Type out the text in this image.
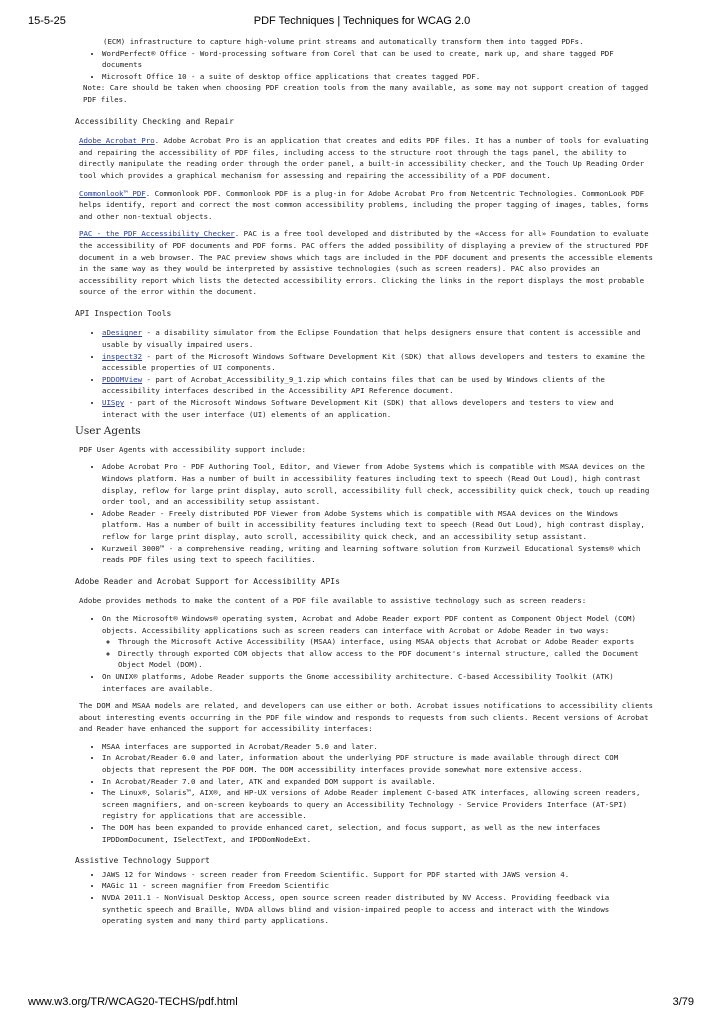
15-5-25	PDF Techniques | Techniques for WCAG 2.0

(ECM) infrastructure to capture high-volume print streams and automatically transform them into tagged PDFs.

• WordPerfect® Office - Word-processing software from Corel that can be used to create, mark up, and share tagged PDF documents
• Microsoft Office 10 - a suite of desktop office applications that creates tagged PDF.

Note: Care should be taken when choosing PDF creation tools from the many available, as some may not support creation of tagged PDF files.

Accessibility Checking and Repair

Adobe Acrobat Pro. Adobe Acrobat Pro is an application that creates and edits PDF files. It has a number of tools for evaluating and repairing the accessibility of PDF files, including access to the structure root through the tags panel, the ability to directly manipulate the reading order through the order panel, a built-in accessibility checker, and the Touch Up Reading Order tool which provides a graphical mechanism for assessing and repairing the accessibility of a PDF document.

Commonlook™ PDF. Commonlook PDF. Commonlook PDF is a plug-in for Adobe Acrobat Pro from Netcentric Technologies. CommonLook PDF helps identify, report and correct the most common accessibility problems, including the proper tagging of images, tables, forms and other non-textual objects.

PAC - the PDF Accessibility Checker. PAC is a free tool developed and distributed by the «Access for all» Foundation to evaluate the accessibility of PDF documents and PDF forms. PAC offers the added possibility of displaying a preview of the structured PDF document in a web browser. The PAC preview shows which tags are included in the PDF document and presents the accessible elements in the same way as they would be interpreted by assistive technologies (such as screen readers). PAC also provides an accessibility report which lists the detected accessibility errors. Clicking the links in the report displays the most probable source of the error within the document.

API Inspection Tools
• aDesigner - a disability simulator from the Eclipse Foundation that helps designers ensure that content is accessible and usable by visually impaired users.
• inspect32 - part of the Microsoft Windows Software Development Kit (SDK) that allows developers and testers to examine the accessible properties of UI components.
• PDDOMView - part of Acrobat_Accessibility_9_1.zip which contains files that can be used by Windows clients of the accessibility interfaces described in the Accessibility API Reference document.
• UISpy - part of the Microsoft Windows Software Development Kit (SDK) that allows developers and testers to view and interact with the user interface (UI) elements of an application.
User Agents

PDF User Agents with accessibility support include:

• Adobe Acrobat Pro - PDF Authoring Tool, Editor, and Viewer from Adobe Systems which is compatible with MSAA devices on the Windows platform. Has a number of built in accessibility features including text to speech (Read Out Loud), high contrast display, reflow for large print display, auto scroll, accessibility full check, accessibility quick check, touch up reading order tool, and an accessibility setup assistant.
• Adobe Reader - Freely distributed PDF Viewer from Adobe Systems which is compatible with MSAA devices on the Windows platform. Has a number of built in accessibility features including text to speech (Read Out Loud), high contrast display, reflow for large print display, auto scroll, accessibility quick check, and an accessibility setup assistant.
• Kurzweil 3000™ - a comprehensive reading, writing and learning software solution from Kurzweil Educational Systems® which reads PDF files using text to speech facilities.
Adobe Reader and Acrobat Support for Accessibility APIs

Adobe provides methods to make the content of a PDF file available to assistive technology such as screen readers:

• On the Microsoft® Windows® operating system, Acrobat and Adobe Reader export PDF content as Component Object Model (COM) objects. Accessibility applications such as screen readers can interface with Acrobat or Adobe Reader in two ways:
◦ Through the Microsoft Active Accessibility (MSAA) interface, using MSAA objects that Acrobat or Adobe Reader exports
◦ Directly through exported COM objects that allow access to the PDF document's internal structure, called the Document Object Model (DOM).
• On UNIX® platforms, Adobe Reader supports the Gnome accessibility architecture. C-based Accessibility Toolkit (ATK) interfaces are available.

The DOM and MSAA models are related, and developers can use either or both. Acrobat issues notifications to accessibility clients about interesting events occurring in the PDF file window and responds to requests from such clients. Recent versions of Acrobat and Reader have enhanced the support for accessibility interfaces:

• MSAA interfaces are supported in Acrobat/Reader 5.0 and later.
• In Acrobat/Reader 6.0 and later, information about the underlying PDF structure is made available through direct COM objects that represent the PDF DOM. The DOM accessibility interfaces provide somewhat more extensive access.
• In Acrobat/Reader 7.0 and later, ATK and expanded DOM support is available.
• The Linux®, Solaris™, AIX®, and HP-UX versions of Adobe Reader implement C-based ATK interfaces, allowing screen readers, screen magnifiers, and on-screen keyboards to query an Accessibility Technology - Service Providers Interface (AT-SPI) registry for applications that are accessible.
• The DOM has been expanded to provide enhanced caret, selection, and focus support, as well as the new interfaces IPDDomDocument, ISelectText, and IPDDomNodeExt.
Assistive Technology Support
• JAWS 12 for Windows - screen reader from Freedom Scientific. Support for PDF started with JAWS version 4.
• MAGic 11 - screen magnifier from Freedom Scientific
• NVDA 2011.1 - NonVisual Desktop Access, open source screen reader distributed by NV Access. Providing feedback via synthetic speech and Braille, NVDA allows blind and vision-impaired people to access and interact with the Windows operating system and many third party applications.
www.w3.org/TR/WCAG20-TECHS/pdf.html	3/79
